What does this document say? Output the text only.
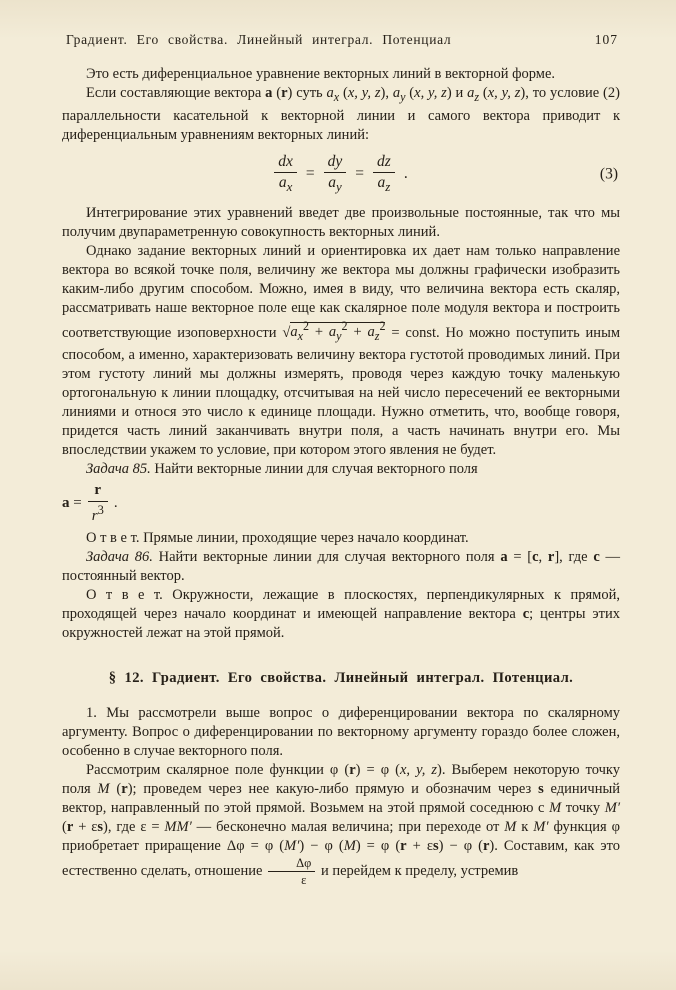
Градиент. Его свойства. Линейный интеграл. Потенциал	107

Это есть диференциальное уравнение векторных линий в векторной форме.

Если составляющие вектора a (r) суть $a_x$ (x, y, z), $a_y$ (x, y, z) и $a_z$ (x, y, z), то условие (2) параллельности касательной к векторной линии и самого вектора приводит к диференциальным уравнениям векторных линий:

$\frac{dx}{a_x} = \frac{dy}{a_y} = \frac{dz}{a_z}$ .	(3)

Интегрирование этих уравнений введет две произвольные постоянные, так что мы получим двупараметренную совокупность векторных линий.

Однако задание векторных линий и ориентировка их дает нам только направление вектора во всякой точке поля, величину же вектора мы должны графически изобразить каким-либо другим способом. Можно, имея в виду, что величина вектора есть скаляр, рассматривать наше векторное поле еще как скалярное поле модуля вектора и построить соответствующие изоповерхности $√a_x^2 + a_y^2 + a_z^2$ = const. Но можно поступить иным способом, а именно, характеризовать величину вектора густотой проводимых линий. При этом густоту линий мы должны измерять, проводя через каждую точку маленькую ортогональную к линии площадку, отсчитывая на ней число пересечений ее векторными линиями и относя это число к единице площади. Нужно отметить, что, вообще говоря, придется часть линий заканчивать внутри поля, а часть начинать внутри его. Мы впоследствии укажем то условие, при котором этого явления не будет.

Задача 85. Найти векторные линии для случая векторного поля

$a = \frac{r}{r^3}$ .

О т в е т. Прямые линии, проходящие через начало координат.

Задача 86. Найти векторные линии для случая векторного поля a = [c, r], где c — постоянный вектор.

О т в е т. Окружности, лежащие в плоскостях, перпендикулярных к прямой, проходящей через начало координат и имеющей направление вектора c; центры этих окружностей лежат на этой прямой.

§ 12. Градиент. Его свойства. Линейный интеграл. Потенциал.

1. Мы рассмотрели выше вопрос о диференцировании вектора по скалярному аргументу. Вопрос о диференцировании по векторному аргументу гораздо более сложен, особенно в случае векторного поля.

Рассмотрим скалярное поле функции φ (r) = φ (x, y, z). Выберем некоторую точку поля M (r); проведем через нее какую-либо прямую и обозначим через s единичный вектор, направленный по этой прямой. Возьмем на этой прямой соседнюю с M точку M′ (r + εs), где ε = MM′ — бесконечно малая величина; при переходе от M к M′ функция φ приобретает приращение Δφ = φ (M′) − φ (M) = φ (r + εs) − φ (r). Составим, как это естественно сделать, отношение $\frac{\Delta\varphi}{\varepsilon}$ и перейдем к пределу, устремив
